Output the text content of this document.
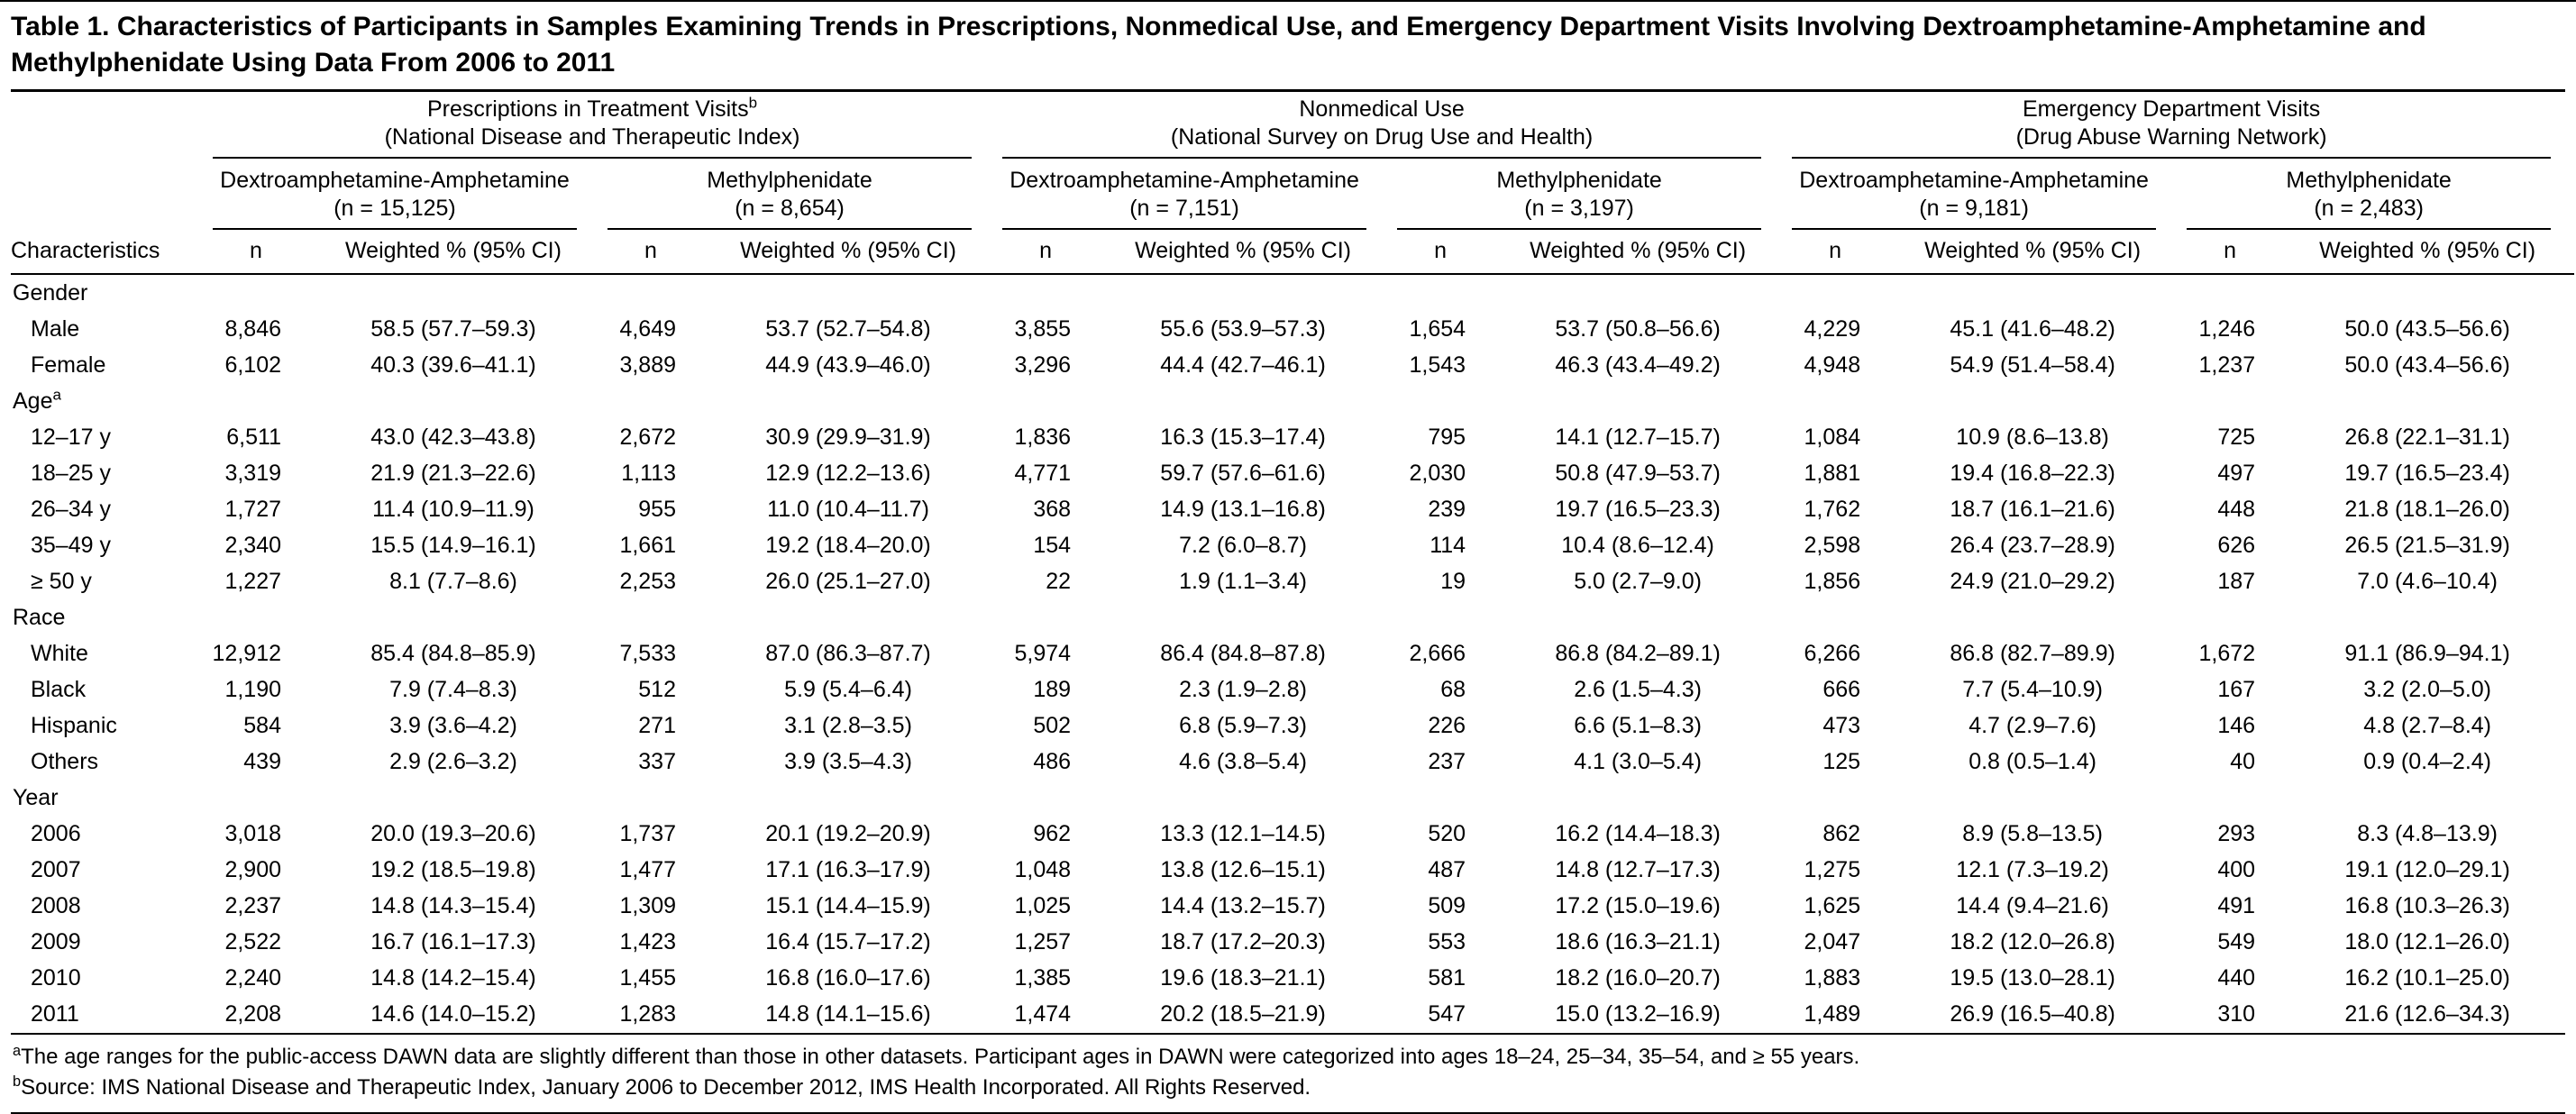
Table 1. Characteristics of Participants in Samples Examining Trends in Prescriptions, Nonmedical Use, and Emergency Department Visits Involving Dextroamphetamine-Amphetamine and Methylphenidate Using Data From 2006 to 2011

Prescriptions in Treatment Visits$^b$
(National Disease and Therapeutic Index)

Nonmedical Use
(National Survey on Drug Use and Health)

Emergency Department Visits
(Drug Abuse Warning Network)

Dextroamphetamine-Amphetamine
(n = 15,125)

Methylphenidate
(n = 8,654)

Dextroamphetamine-Amphetamine
(n = 7,151)

Methylphenidate
(n = 3,197)

Dextroamphetamine-Amphetamine
(n = 9,181)

Methylphenidate
(n = 2,483)

Characteristics	n	Weighted % (95% CI)	n	Weighted % (95% CI)	n	Weighted % (95% CI)	n	Weighted % (95% CI)	n	Weighted % (95% CI)	n	Weighted % (95% CI)
Gender												
Male	8,846	58.5 (57.7–59.3)	4,649	53.7 (52.7–54.8)	3,855	55.6 (53.9–57.3)	1,654	53.7 (50.8–56.6)	4,229	45.1 (41.6–48.2)	1,246	50.0 (43.5–56.6)
Female	6,102	40.3 (39.6–41.1)	3,889	44.9 (43.9–46.0)	3,296	44.4 (42.7–46.1)	1,543	46.3 (43.4–49.2)	4,948	54.9 (51.4–58.4)	1,237	50.0 (43.4–56.6)
Age$^a$
12–17 y	6,511	43.0 (42.3–43.8)	2,672	30.9 (29.9–31.9)	1,836	16.3 (15.3–17.4)	795	14.1 (12.7–15.7)	1,084	10.9 (8.6–13.8)	725	26.8 (22.1–31.1)
18–25 y	3,319	21.9 (21.3–22.6)	1,113	12.9 (12.2–13.6)	4,771	59.7 (57.6–61.6)	2,030	50.8 (47.9–53.7)	1,881	19.4 (16.8–22.3)	497	19.7 (16.5–23.4)
26–34 y	1,727	11.4 (10.9–11.9)	955	11.0 (10.4–11.7)	368	14.9 (13.1–16.8)	239	19.7 (16.5–23.3)	1,762	18.7 (16.1–21.6)	448	21.8 (18.1–26.0)
35–49 y	2,340	15.5 (14.9–16.1)	1,661	19.2 (18.4–20.0)	154	7.2 (6.0–8.7)	114	10.4 (8.6–12.4)	2,598	26.4 (23.7–28.9)	626	26.5 (21.5–31.9)
≥ 50 y	1,227	8.1 (7.7–8.6)	2,253	26.0 (25.1–27.0)	22	1.9 (1.1–3.4)	19	5.0 (2.7–9.0)	1,856	24.9 (21.0–29.2)	187	7.0 (4.6–10.4)
Race												
White	12,912	85.4 (84.8–85.9)	7,533	87.0 (86.3–87.7)	5,974	86.4 (84.8–87.8)	2,666	86.8 (84.2–89.1)	6,266	86.8 (82.7–89.9)	1,672	91.1 (86.9–94.1)
Black	1,190	7.9 (7.4–8.3)	512	5.9 (5.4–6.4)	189	2.3 (1.9–2.8)	68	2.6 (1.5–4.3)	666	7.7 (5.4–10.9)	167	3.2 (2.0–5.0)
Hispanic	584	3.9 (3.6–4.2)	271	3.1 (2.8–3.5)	502	6.8 (5.9–7.3)	226	6.6 (5.1–8.3)	473	4.7 (2.9–7.6)	146	4.8 (2.7–8.4)
Others	439	2.9 (2.6–3.2)	337	3.9 (3.5–4.3)	486	4.6 (3.8–5.4)	237	4.1 (3.0–5.4)	125	0.8 (0.5–1.4)	40	0.9 (0.4–2.4)
Year												
2006	3,018	20.0 (19.3–20.6)	1,737	20.1 (19.2–20.9)	962	13.3 (12.1–14.5)	520	16.2 (14.4–18.3)	862	8.9 (5.8–13.5)	293	8.3 (4.8–13.9)
2007	2,900	19.2 (18.5–19.8)	1,477	17.1 (16.3–17.9)	1,048	13.8 (12.6–15.1)	487	14.8 (12.7–17.3)	1,275	12.1 (7.3–19.2)	400	19.1 (12.0–29.1)
2008	2,237	14.8 (14.3–15.4)	1,309	15.1 (14.4–15.9)	1,025	14.4 (13.2–15.7)	509	17.2 (15.0–19.6)	1,625	14.4 (9.4–21.6)	491	16.8 (10.3–26.3)
2009	2,522	16.7 (16.1–17.3)	1,423	16.4 (15.7–17.2)	1,257	18.7 (17.2–20.3)	553	18.6 (16.3–21.1)	2,047	18.2 (12.0–26.8)	549	18.0 (12.1–26.0)
2010	2,240	14.8 (14.2–15.4)	1,455	16.8 (16.0–17.6)	1,385	19.6 (18.3–21.1)	581	18.2 (16.0–20.7)	1,883	19.5 (13.0–28.1)	440	16.2 (10.1–25.0)
2011	2,208	14.6 (14.0–15.2)	1,283	14.8 (14.1–15.6)	1,474	20.2 (18.5–21.9)	547	15.0 (13.2–16.9)	1,489	26.9 (16.5–40.8)	310	21.6 (12.6–34.3)
$^a$The age ranges for the public-access DAWN data are slightly different than those in other datasets. Participant ages in DAWN were categorized into ages 18–24, 25–34, 35–54, and ≥ 55 years.
$^b$Source: IMS National Disease and Therapeutic Index, January 2006 to December 2012, IMS Health Incorporated. All Rights Reserved.
